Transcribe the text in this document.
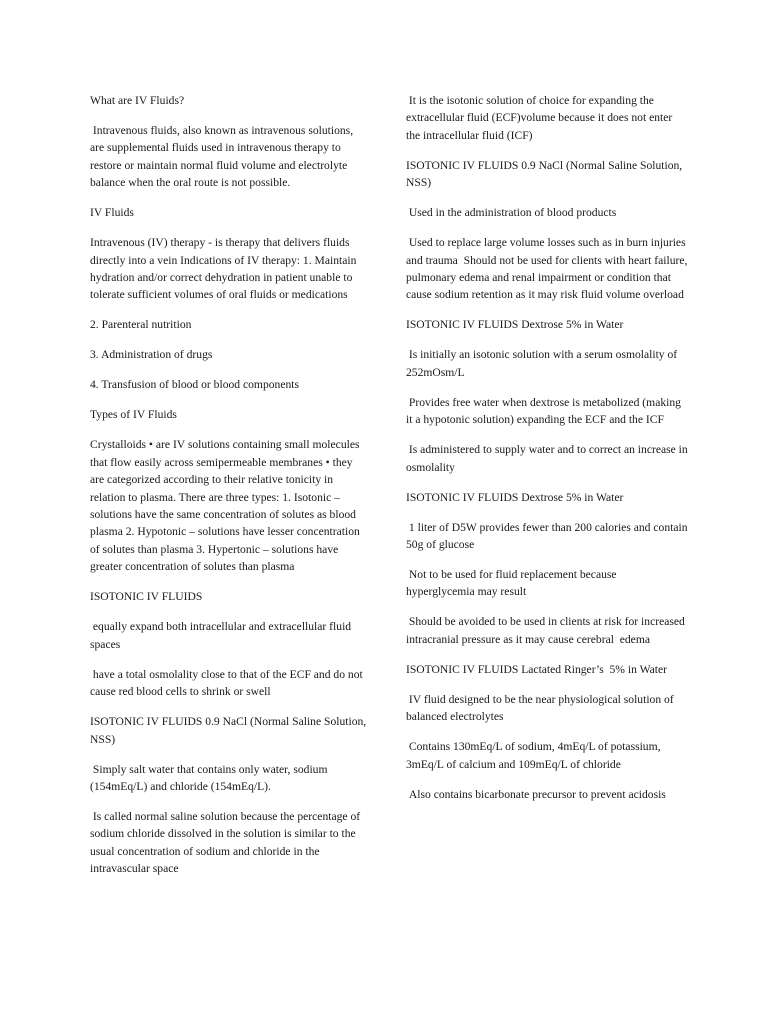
What are IV Fluids?

Intravenous fluids, also known as intravenous solutions, are supplemental fluids used in intravenous therapy to restore or maintain normal fluid volume and electrolyte balance when the oral route is not possible.

IV Fluids

Intravenous (IV) therapy - is therapy that delivers fluids directly into a vein Indications of IV therapy: 1. Maintain hydration and/or correct dehydration in patient unable to tolerate sufficient volumes of oral fluids or medications

2. Parenteral nutrition

3. Administration of drugs

4. Transfusion of blood or blood components

Types of IV Fluids

Crystalloids • are IV solutions containing small molecules that flow easily across semipermeable membranes • they are categorized according to their relative tonicity in relation to plasma. There are three types: 1. Isotonic – solutions have the same concentration of solutes as blood plasma 2. Hypotonic – solutions have lesser concentration of solutes than plasma 3. Hypertonic – solutions have greater concentration of solutes than plasma

ISOTONIC IV FLUIDS

equally expand both intracellular and extracellular fluid spaces

have a total osmolality close to that of the ECF and do not cause red blood cells to shrink or swell

ISOTONIC IV FLUIDS 0.9 NaCl (Normal Saline Solution, NSS)

Simply salt water that contains only water, sodium (154mEq/L) and chloride (154mEq/L).

Is called normal saline solution because the percentage of sodium chloride dissolved in the solution is similar to the usual concentration of sodium and chloride in the intravascular space

It is the isotonic solution of choice for expanding the extracellular fluid (ECF)volume because it does not enter the intracellular fluid (ICF)

ISOTONIC IV FLUIDS 0.9 NaCl (Normal Saline Solution, NSS)

Used in the administration of blood products

Used to replace large volume losses such as in burn injuries and trauma  Should not be used for clients with heart failure, pulmonary edema and renal impairment or condition that cause sodium retention as it may risk fluid volume overload

ISOTONIC IV FLUIDS Dextrose 5% in Water

Is initially an isotonic solution with a serum osmolality of 252mOsm/L

Provides free water when dextrose is metabolized (making it a hypotonic solution) expanding the ECF and the ICF

Is administered to supply water and to correct an increase in osmolality

ISOTONIC IV FLUIDS Dextrose 5% in Water

1 liter of D5W provides fewer than 200 calories and contain 50g of glucose

Not to be used for fluid replacement because hyperglycemia may result

Should be avoided to be used in clients at risk for increased intracranial pressure as it may cause cerebral  edema

ISOTONIC IV FLUIDS Lactated Ringer’s  5% in Water

IV fluid designed to be the near physiological solution of balanced electrolytes

Contains 130mEq/L of sodium, 4mEq/L of potassium, 3mEq/L of calcium and 109mEq/L of chloride

Also contains bicarbonate precursor to prevent acidosis
